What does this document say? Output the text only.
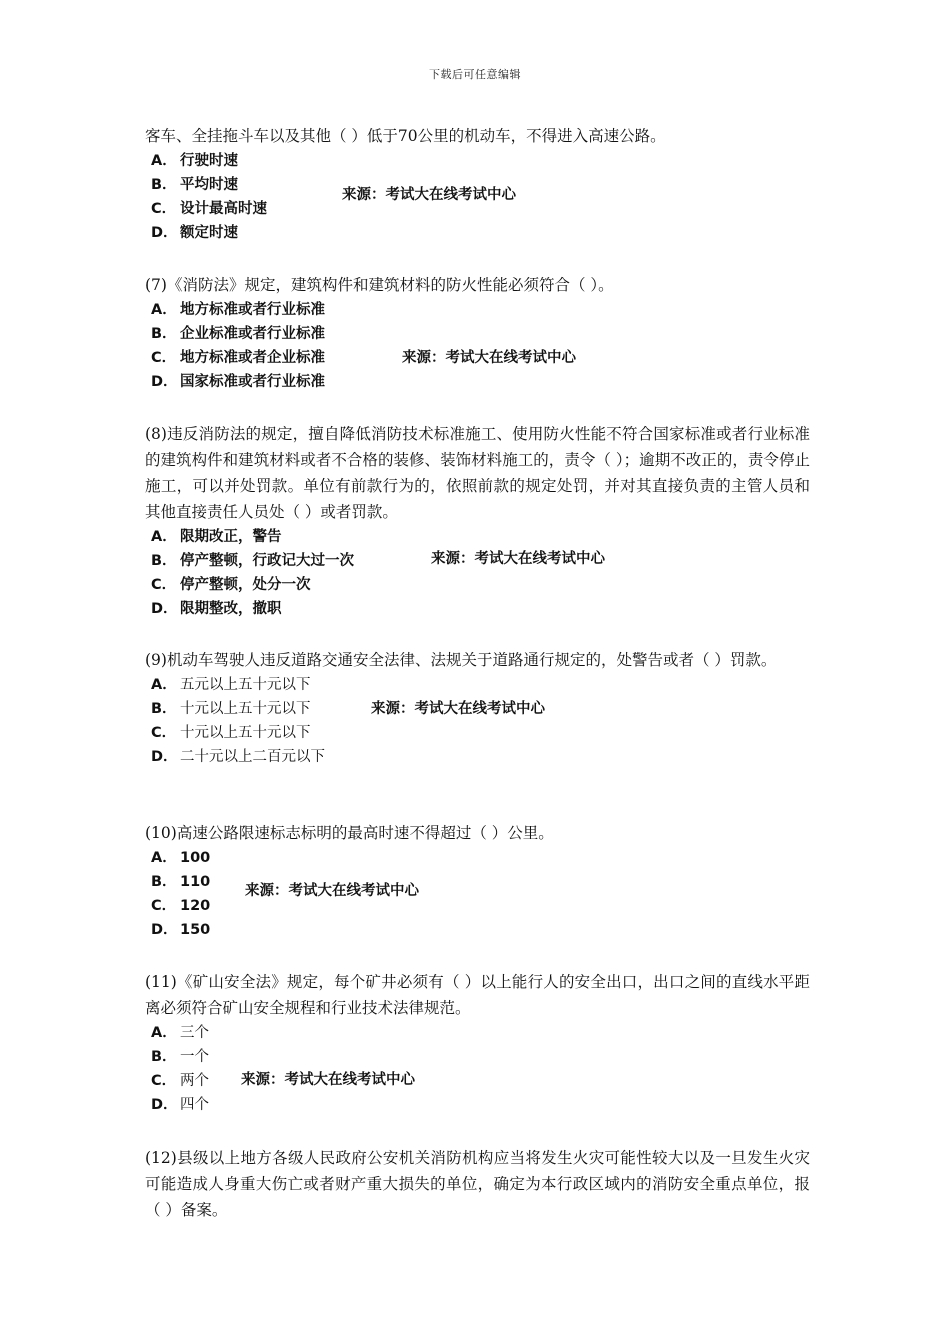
下载后可任意编辑

客车、全挂拖斗车以及其他（ ）低于70公里的机动车，不得进入高速公路。

A． 行驶时速
B． 平均时速
C． 设计最高时速
D． 额定时速
来源：考试大在线考试中心

(7)《消防法》规定，建筑构件和建筑材料的防火性能必须符合（ ）。

A． 地方标准或者行业标准
B． 企业标准或者行业标准
C． 地方标准或者企业标准
D． 国家标准或者行业标准
来源：考试大在线考试中心

(8)违反消防法的规定，擅自降低消防技术标准施工、使用防火性能不符合国家标准或者行业标准的建筑构件和建筑材料或者不合格的装修、装饰材料施工的，责令（ ）；逾期不改正的，责令停止施工，可以并处罚款。单位有前款行为的，依照前款的规定处罚，并对其直接负责的主管人员和其他直接责任人员处（ ）或者罚款。

A． 限期改正，警告
B． 停产整顿，行政记大过一次
C． 停产整顿，处分一次
D． 限期整改，撤职
来源：考试大在线考试中心

(9)机动车驾驶人违反道路交通安全法律、法规关于道路通行规定的，处警告或者（ ）罚款。

A． 五元以上五十元以下
B． 十元以上五十元以下
C． 十元以上五十元以下
D． 二十元以上二百元以下
来源：考试大在线考试中心

(10)高速公路限速标志标明的最高时速不得超过（ ）公里。

A． 100
B． 110
C． 120
D． 150
来源：考试大在线考试中心

(11)《矿山安全法》规定，每个矿井必须有（ ）以上能行人的安全出口，出口之间的直线水平距离必须符合矿山安全规程和行业技术法律规范。

A． 三个
B． 一个
C． 两个
D． 四个
来源：考试大在线考试中心

(12)县级以上地方各级人民政府公安机关消防机构应当将发生火灾可能性较大以及一旦发生火灾可能造成人身重大伤亡或者财产重大损失的单位，确定为本行政区域内的消防安全重点单位，报（ ）备案。
